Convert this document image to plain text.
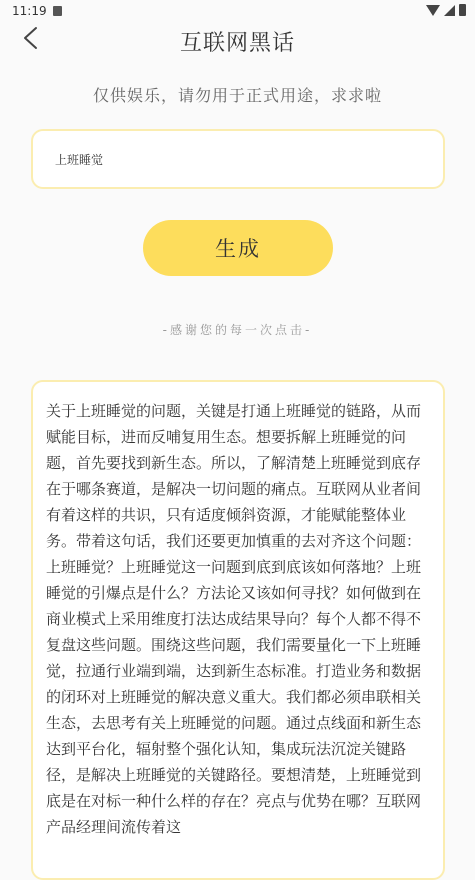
11:19
互联网黑话
仅供娱乐，请勿用于正式用途，求求啦
上班睡觉
生成
-感谢您的每一次点击-

关于上班睡觉的问题，关键是打通上班睡觉的链路，从而赋能目标，进而反哺复用生态。想要拆解上班睡觉的问题，首先要找到新生态。所以，了解清楚上班睡觉到底存在于哪条赛道，是解决一切问题的痛点。互联网从业者间有着这样的共识，只有适度倾斜资源，才能赋能整体业务。带着这句话，我们还要更加慎重的去对齐这个问题：上班睡觉？上班睡觉这一问题到底到底该如何落地？上班睡觉的引爆点是什么？方法论又该如何寻找？如何做到在商业模式上采用维度打法达成结果导向？每个人都不得不复盘这些问题。围绕这些问题，我们需要量化一下上班睡觉，拉通行业端到端，达到新生态标准。打造业务和数据的闭环对上班睡觉的解决意义重大。我们都必须串联相关生态，去思考有关上班睡觉的问题。通过点线面和新生态达到平台化，辐射整个强化认知，集成玩法沉淀关键路径，是解决上班睡觉的关键路径。要想清楚，上班睡觉到底是在对标一种什么样的存在？亮点与优势在哪？互联网产品经理间流传着这
